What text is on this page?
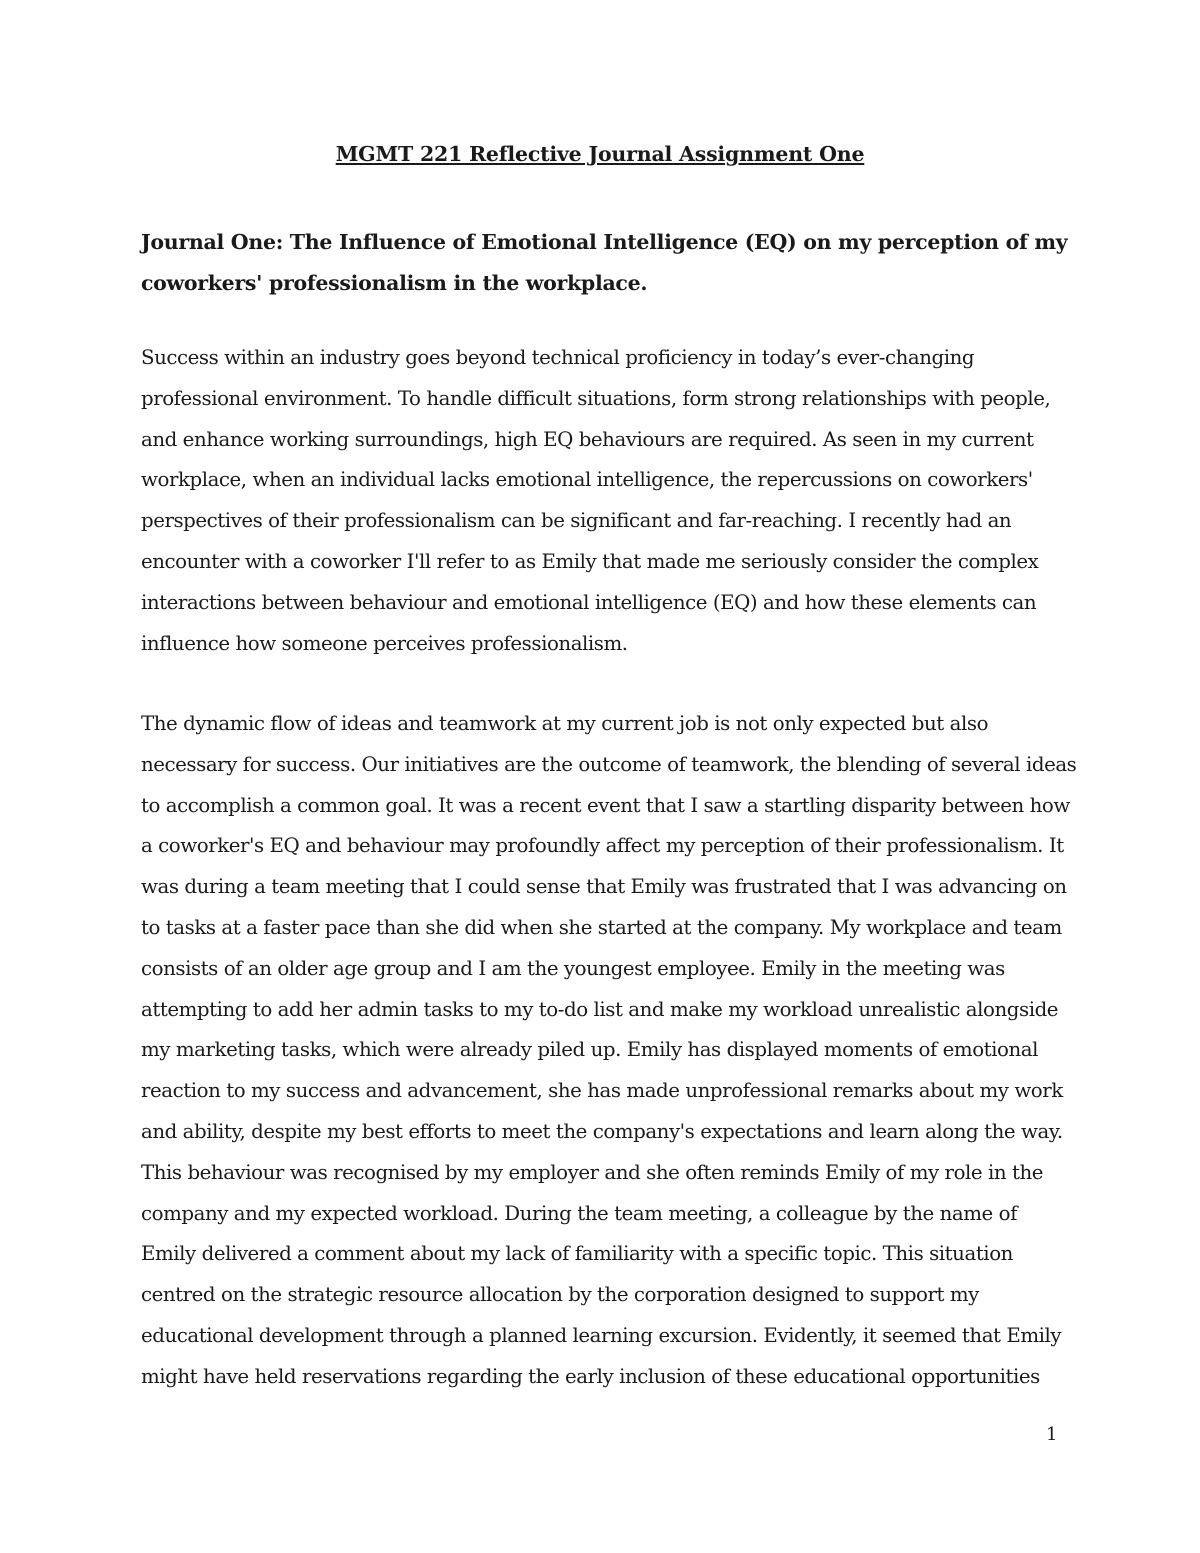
MGMT 221 Reflective Journal Assignment One

Journal One: The Influence of Emotional Intelligence (EQ) on my perception of my
coworkers' professionalism in the workplace.

Success within an industry goes beyond technical proficiency in today’s ever-changing
professional environment. To handle difficult situations, form strong relationships with people,
and enhance working surroundings, high EQ behaviours are required. As seen in my current
workplace, when an individual lacks emotional intelligence, the repercussions on coworkers'
perspectives of their professionalism can be significant and far-reaching. I recently had an
encounter with a coworker I'll refer to as Emily that made me seriously consider the complex
interactions between behaviour and emotional intelligence (EQ) and how these elements can
influence how someone perceives professionalism.

The dynamic flow of ideas and teamwork at my current job is not only expected but also
necessary for success. Our initiatives are the outcome of teamwork, the blending of several ideas
to accomplish a common goal. It was a recent event that I saw a startling disparity between how
a coworker's EQ and behaviour may profoundly affect my perception of their professionalism. It
was during a team meeting that I could sense that Emily was frustrated that I was advancing on
to tasks at a faster pace than she did when she started at the company. My workplace and team
consists of an older age group and I am the youngest employee. Emily in the meeting was
attempting to add her admin tasks to my to-do list and make my workload unrealistic alongside
my marketing tasks, which were already piled up. Emily has displayed moments of emotional
reaction to my success and advancement, she has made unprofessional remarks about my work
and ability, despite my best efforts to meet the company's expectations and learn along the way.
This behaviour was recognised by my employer and she often reminds Emily of my role in the
company and my expected workload. During the team meeting, a colleague by the name of
Emily delivered a comment about my lack of familiarity with a specific topic. This situation
centred on the strategic resource allocation by the corporation designed to support my
educational development through a planned learning excursion. Evidently, it seemed that Emily
might have held reservations regarding the early inclusion of these educational opportunities

1
